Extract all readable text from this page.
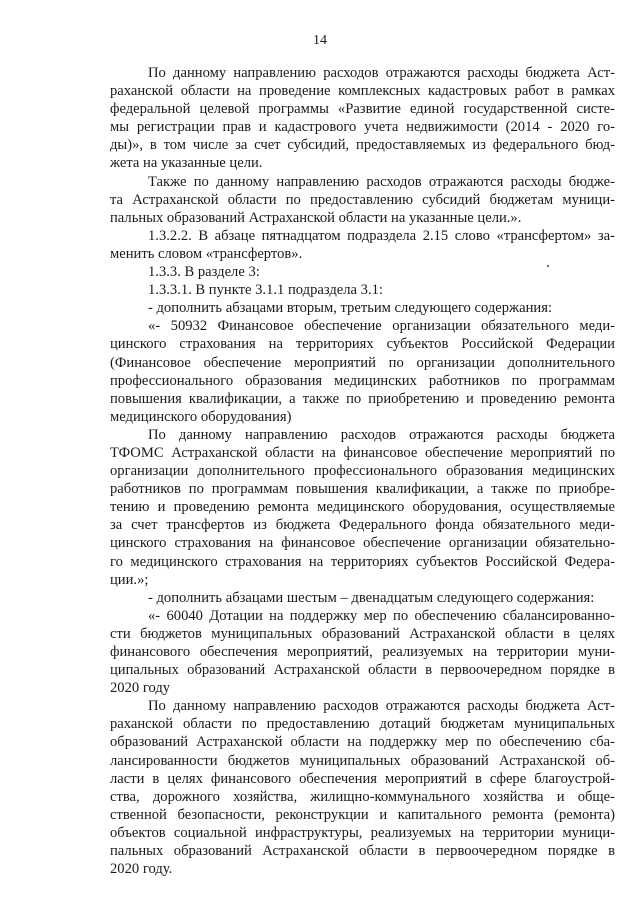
14
По данному направлению расходов отражаются расходы бюджета Аст-
раханской области на проведение комплексных кадастровых работ в рамках
федеральной целевой программы «Развитие единой государственной систе-
мы регистрации прав и кадастрового учета недвижимости (2014 - 2020 го-
ды)», в том числе за счет субсидий, предоставляемых из федерального бюд-
жета на указанные цели.
Также по данному направлению расходов отражаются расходы бюдже-
та Астраханской области по предоставлению субсидий бюджетам муници-
пальных образований Астраханской области на указанные цели.».
1.3.2.2. В абзаце пятнадцатом подраздела 2.15 слово «трансфертом» за-
менить словом «трансфертов».
1.3.3. В разделе 3:
1.3.3.1. В пункте 3.1.1 подраздела 3.1:
- дополнить абзацами вторым, третьим следующего содержания:
«- 50932 Финансовое обеспечение организации обязательного меди-
цинского страхования на территориях субъектов Российской Федерации
(Финансовое обеспечение мероприятий по организации дополнительного
профессионального образования медицинских работников по программам
повышения квалификации, а также по приобретению и проведению ремонта
медицинского оборудования)
По данному направлению расходов отражаются расходы бюджета
ТФОМС Астраханской области на финансовое обеспечение мероприятий по
организации дополнительного профессионального образования медицинских
работников по программам повышения квалификации, а также по приобре-
тению и проведению ремонта медицинского оборудования, осуществляемые
за счет трансфертов из бюджета Федерального фонда обязательного меди-
цинского страхования на финансовое обеспечение организации обязательно-
го медицинского страхования на территориях субъектов Российской Федера-
ции.»;
- дополнить абзацами шестым – двенадцатым следующего содержания:
«- 60040 Дотации на поддержку мер по обеспечению сбалансированно-
сти бюджетов муниципальных образований Астраханской области в целях
финансового обеспечения мероприятий, реализуемых на территории муни-
ципальных образований Астраханской области в первоочередном порядке в
2020 году
По данному направлению расходов отражаются расходы бюджета Аст-
раханской области по предоставлению дотаций бюджетам муниципальных
образований Астраханской области на поддержку мер по обеспечению сба-
лансированности бюджетов муниципальных образований Астраханской об-
ласти в целях финансового обеспечения мероприятий в сфере благоустрой-
ства, дорожного хозяйства, жилищно-коммунального хозяйства и обще-
ственной безопасности, реконструкции и капитального ремонта (ремонта)
объектов социальной инфраструктуры, реализуемых на территории муници-
пальных образований Астраханской области в первоочередном порядке в
2020 году.
